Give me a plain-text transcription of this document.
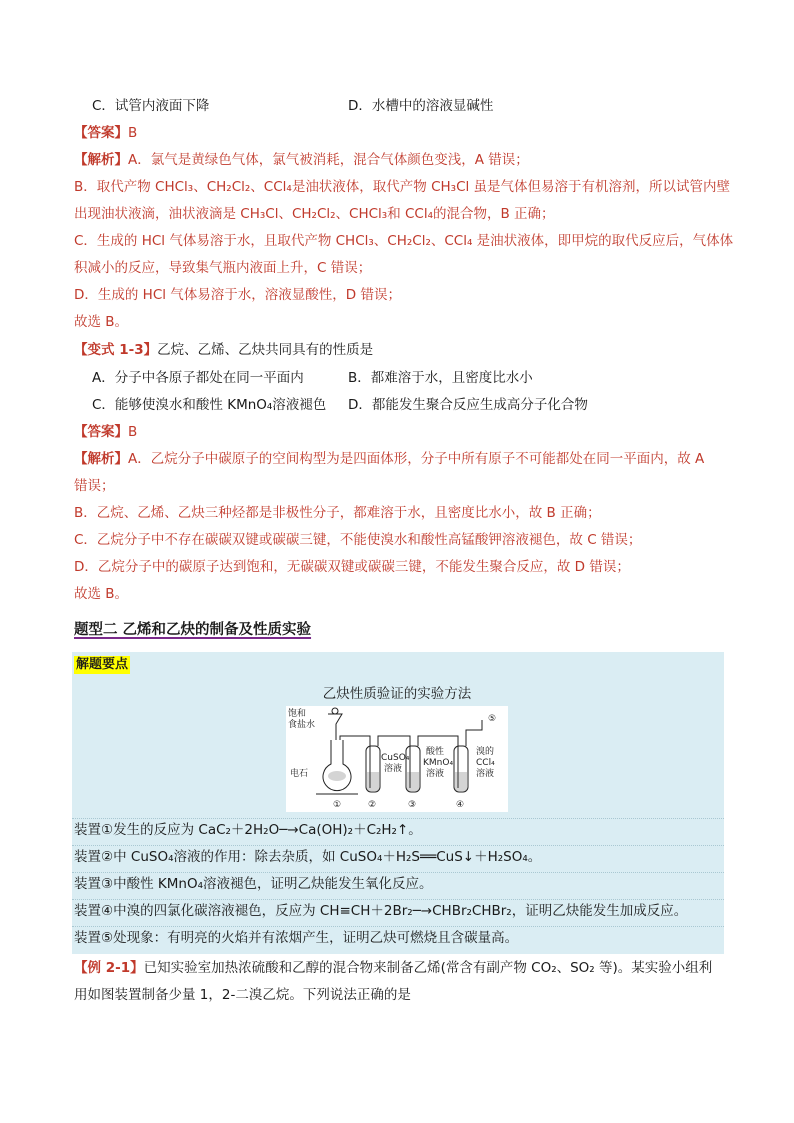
C．试管内液面下降	D．水槽中的溶液显碱性
【答案】B
【解析】A．氯气是黄绿色气体，氯气被消耗，混合气体颜色变浅，A 错误；
B．取代产物 CHCl₃、CH₂Cl₂、CCl₄是油状液体，取代产物 CH₃Cl 虽是气体但易溶于有机溶剂，所以试管内壁
出现油状液滴，油状液滴是 CH₃Cl、CH₂Cl₂、CHCl₃和 CCl₄的混合物，B 正确；
C．生成的 HCl 气体易溶于水，且取代产物 CHCl₃、CH₂Cl₂、CCl₄ 是油状液体，即甲烷的取代反应后，气体体
积减小的反应，导致集气瓶内液面上升，C 错误；
D．生成的 HCl 气体易溶于水，溶液显酸性，D 错误；
故选 B。
【变式 1-3】乙烷、乙烯、乙炔共同具有的性质是
A．分子中各原子都处在同一平面内	B．都难溶于水，且密度比水小
C．能够使溴水和酸性 KMnO₄溶液褪色 D．都能发生聚合反应生成高分子化合物
【答案】B
【解析】A．乙烷分子中碳原子的空间构型为是四面体形，分子中所有原子不可能都处在同一平面内，故 A
错误；
B．乙烷、乙烯、乙炔三种烃都是非极性分子，都难溶于水，且密度比水小，故 B 正确；
C．乙烷分子中不存在碳碳双键或碳碳三键，不能使溴水和酸性高锰酸钾溶液褪色，故 C 错误；
D．乙烷分子中的碳原子达到饱和，无碳碳双键或碳碳三键，不能发生聚合反应，故 D 错误；
故选 B。
题型二 乙烯和乙炔的制备及性质实验
解题要点
乙炔性质验证的实验方法
饱和
食盐水
电石
CuSO₄
溶液
酸性
KMnO₄
溶液
溴的
CCl₄
溶液
①	②	③	④
⑤
装置①发生的反应为 CaC₂＋2H₂O─→Ca(OH)₂＋C₂H₂↑。
装置②中 CuSO₄溶液的作用：除去杂质，如 CuSO₄＋H₂S══CuS↓＋H₂SO₄。
装置③中酸性 KMnO₄溶液褪色，证明乙炔能发生氧化反应。
装置④中溴的四氯化碳溶液褪色，反应为 CH≡CH＋2Br₂─→CHBr₂CHBr₂，证明乙炔能发生加成反应。
装置⑤处现象：有明亮的火焰并有浓烟产生，证明乙炔可燃烧且含碳量高。
【例 2-1】已知实验室加热浓硫酸和乙醇的混合物来制备乙烯(常含有副产物 CO₂、SO₂ 等)。某实验小组利
用如图装置制备少量 1，2-二溴乙烷。下列说法正确的是
